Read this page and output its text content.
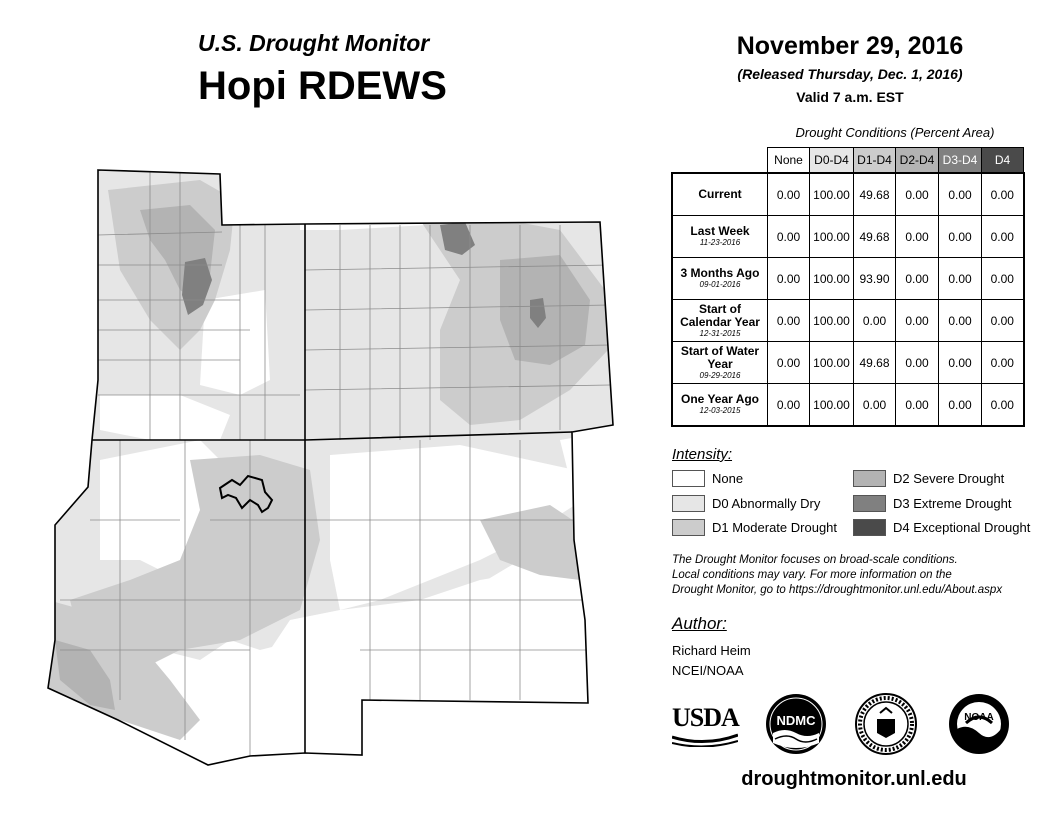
U.S. Drought Monitor
Hopi RDEWS
November 29, 2016
(Released Thursday, Dec. 1, 2016)
Valid 7 a.m. EST
Drought Conditions (Percent Area)
	None	D0-D4	D1-D4	D2-D4	D3-D4	D4
Current	0.00	100.00	49.68	0.00	0.00	0.00
Last Week
11-23-2016	0.00	100.00	49.68	0.00	0.00	0.00
3 Months Ago
09-01-2016	0.00	100.00	93.90	0.00	0.00	0.00
Start of Calendar Year
12-31-2015	0.00	100.00	0.00	0.00	0.00	0.00
Start of Water Year
09-29-2016	0.00	100.00	49.68	0.00	0.00	0.00
One Year Ago
12-03-2015	0.00	100.00	0.00	0.00	0.00	0.00
Intensity:
None
D0 Abnormally Dry
D1 Moderate Drought
D2 Severe Drought
D3 Extreme Drought
D4 Exceptional Drought
The Drought Monitor focuses on broad-scale conditions.
Local conditions may vary. For more information on the
Drought Monitor, go to https://droughtmonitor.unl.edu/About.aspx
Author:
Richard Heim
NCEI/NOAA
USDA	NDMC	NOAA
droughtmonitor.unl.edu
